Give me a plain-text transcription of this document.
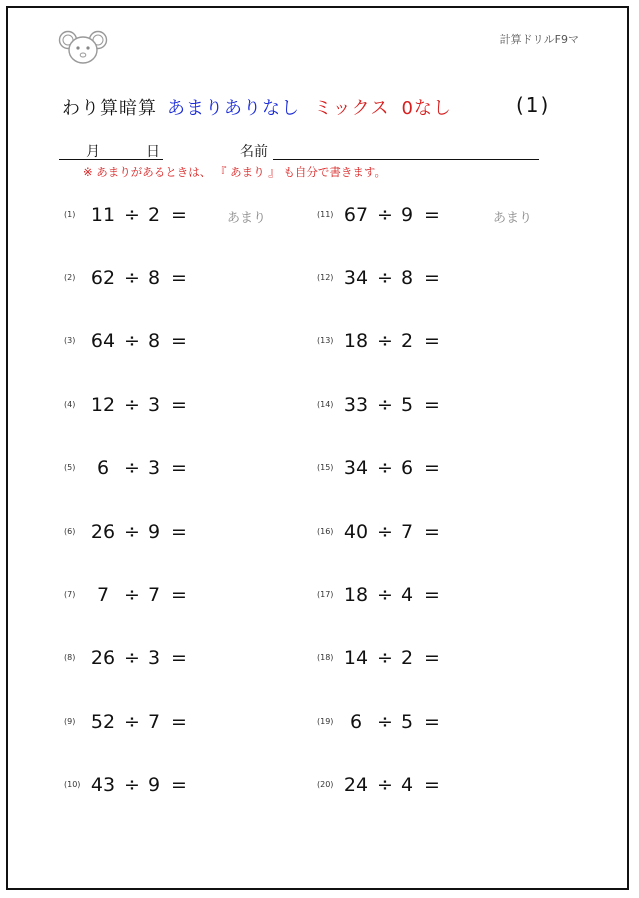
計算ドリルF9マ
わり算暗算 あまりありなし ミックス 0なし	(1)
月	日	名前
※ あまりがあるときは、 『 あまり 』 も自分で書きます。
(1) 11 ÷ 2 =	あまり
(2) 62 ÷ 8 =
(3) 64 ÷ 8 =
(4) 12 ÷ 3 =
(5)	6 ÷ 3 =
(6) 26 ÷ 9 =
(7)	7 ÷ 7 =
(8) 26 ÷ 3 =
(9) 52 ÷ 7 =
(10) 43 ÷ 9 =
(11) 67 ÷ 9 =	あまり
(12) 34 ÷ 8 =
(13) 18 ÷ 2 =
(14) 33 ÷ 5 =
(15) 34 ÷ 6 =
(16) 40 ÷ 7 =
(17) 18 ÷ 4 =
(18) 14 ÷ 2 =
(19) 6 ÷ 5 =
(20) 24 ÷ 4 =
